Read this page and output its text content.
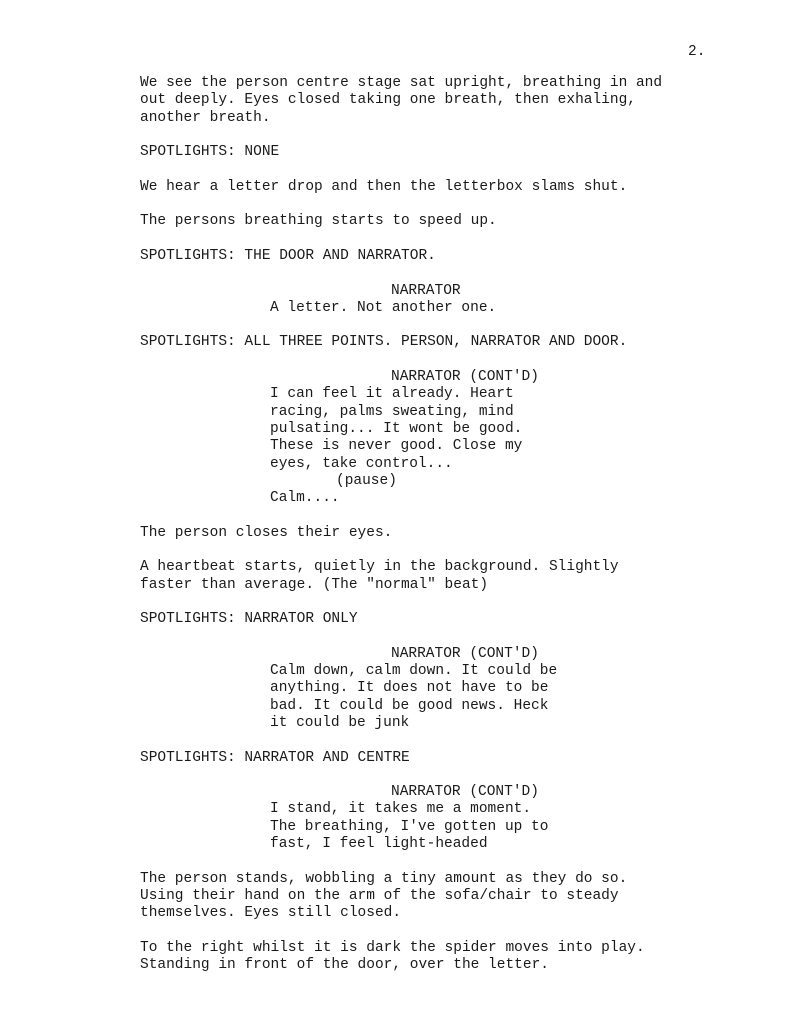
2.
We see the person centre stage sat upright, breathing in and
out deeply. Eyes closed taking one breath, then exhaling,
another breath.
SPOTLIGHTS: NONE
We hear a letter drop and then the letterbox slams shut.
The persons breathing starts to speed up.
SPOTLIGHTS: THE DOOR AND NARRATOR.
NARRATOR
A letter. Not another one.
SPOTLIGHTS: ALL THREE POINTS. PERSON, NARRATOR AND DOOR.
NARRATOR (CONT'D)
I can feel it already. Heart
racing, palms sweating, mind
pulsating... It wont be good.
These is never good. Close my
eyes, take control...
(pause)
Calm....
The person closes their eyes.
A heartbeat starts, quietly in the background. Slightly
faster than average. (The "normal" beat)
SPOTLIGHTS: NARRATOR ONLY
NARRATOR (CONT'D)
Calm down, calm down. It could be
anything. It does not have to be
bad. It could be good news. Heck
it could be junk
SPOTLIGHTS: NARRATOR AND CENTRE
NARRATOR (CONT'D)
I stand, it takes me a moment.
The breathing, I've gotten up to
fast, I feel light-headed
The person stands, wobbling a tiny amount as they do so.
Using their hand on the arm of the sofa/chair to steady
themselves. Eyes still closed.
To the right whilst it is dark the spider moves into play.
Standing in front of the door, over the letter.
